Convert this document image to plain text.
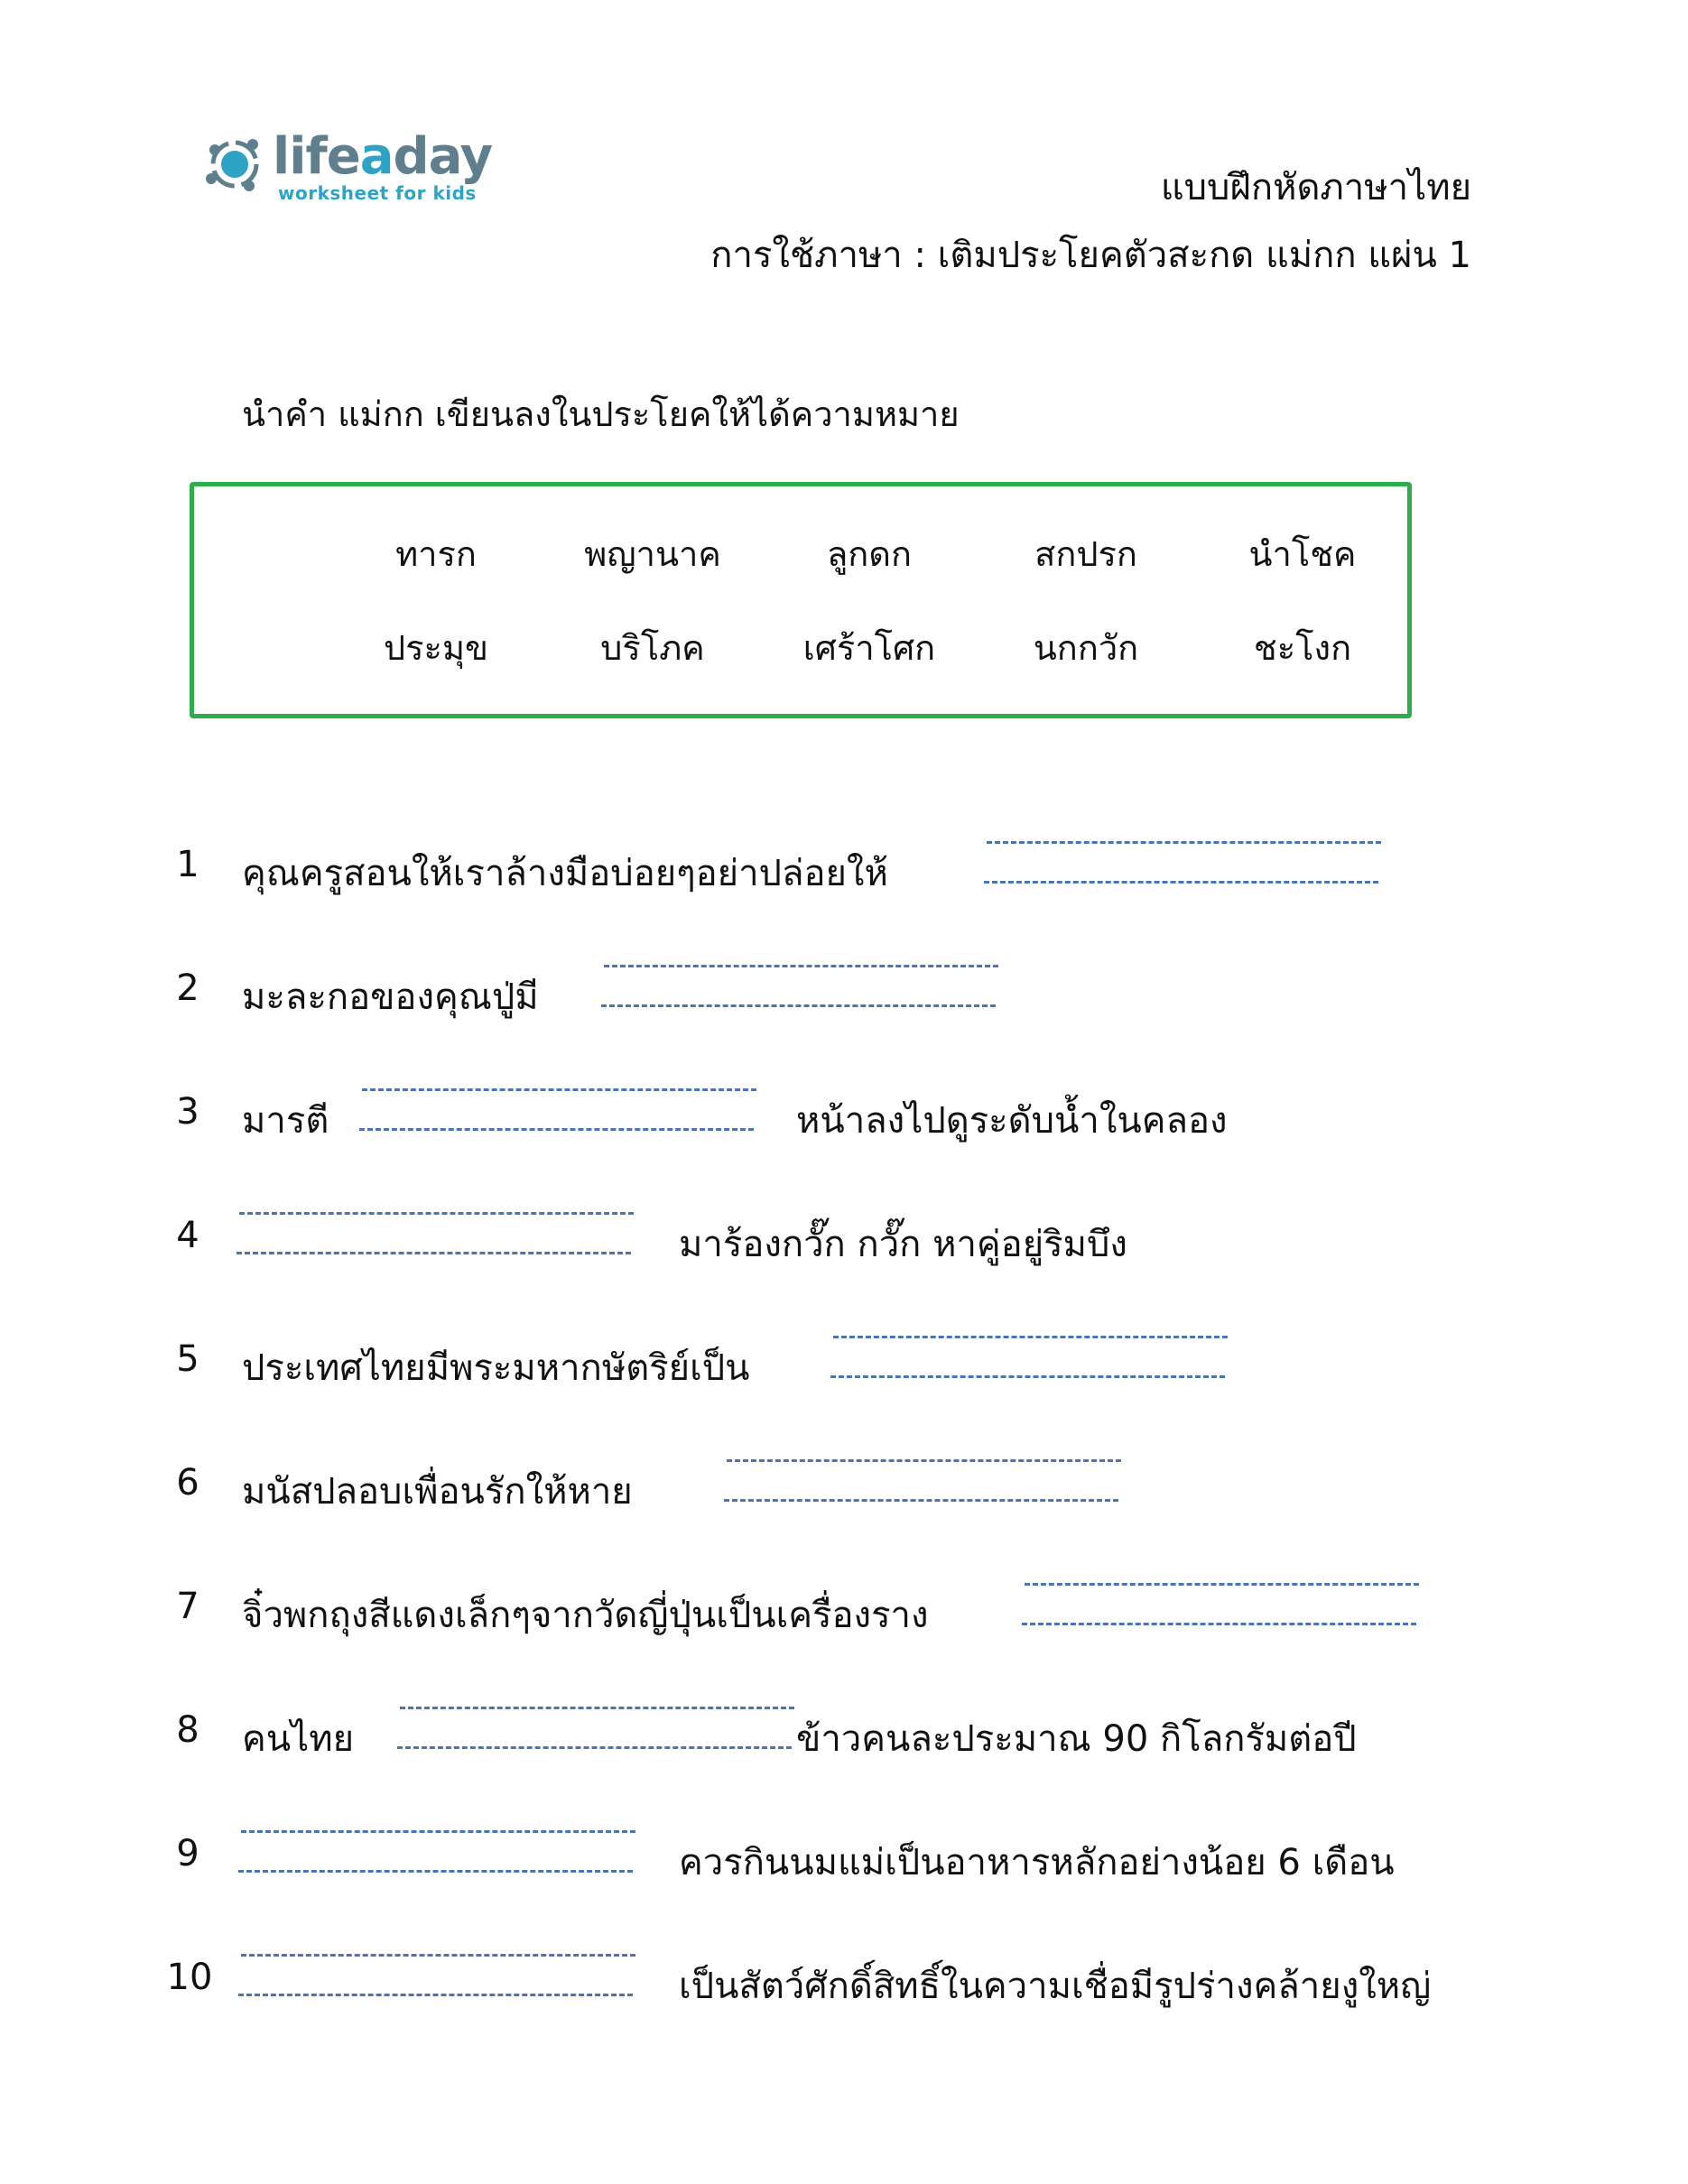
lifeaday
worksheet for kids	แบบฝึกหัดภาษาไทย
การใช้ภาษา : เติมประโยคตัวสะกด แม่กก แผ่น 1
นำคำ แม่กก เขียนลงในประโยคให้ได้ความหมาย
ทารก	พญานาค	ลูกดก	สกปรก	นำโชค
ประมุข	บริโภค	เศร้าโศก	นกกวัก	ชะโงก
1 คุณครูสอนให้เราล้างมือบ่อยๆอย่าปล่อยให้
2 มะละกอของคุณปู่มี
3 มารตี	หน้าลงไปดูระดับน้ำในคลอง
4	มาร้องกวั๊ก กวั๊ก หาคู่อยู่ริมบึง
5 ประเทศไทยมีพระมหากษัตริย์เป็น
6 มนัสปลอบเพื่อนรักให้หาย
7 จิ๋วพกถุงสีแดงเล็กๆจากวัดญี่ปุ่นเป็นเครื่องราง
8 คนไทย	ข้าวคนละประมาณ 90 กิโลกรัมต่อปี
9	ควรกินนมแม่เป็นอาหารหลักอย่างน้อย 6 เดือน
10	เป็นสัตว์ศักดิ์สิทธิ์ในความเชื่อมีรูปร่างคล้ายงูใหญ่
